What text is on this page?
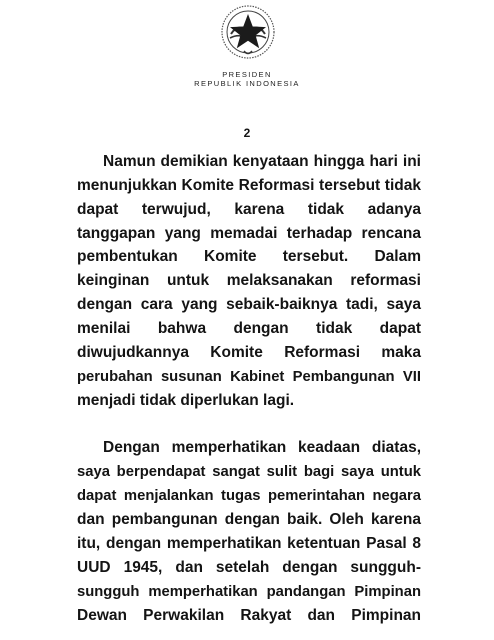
PRESIDEN
REPUBLIK INDONESIA
2
Namun demikian kenyataan hingga hari ini
menunjukkan Komite Reformasi tersebut tidak
dapat terwujud, karena tidak adanya
tanggapan yang memadai terhadap rencana
pembentukan Komite tersebut. Dalam
keinginan untuk melaksanakan reformasi
dengan cara yang sebaik-baiknya tadi, saya
menilai bahwa dengan tidak dapat
diwujudkannya Komite Reformasi maka
perubahan susunan Kabinet Pembangunan VII
menjadi tidak diperlukan lagi.
Dengan memperhatikan keadaan diatas,
saya berpendapat sangat sulit bagi saya untuk
dapat menjalankan tugas pemerintahan negara
dan pembangunan dengan baik. Oleh karena
itu, dengan memperhatikan ketentuan Pasal 8
UUD 1945, dan setelah dengan sungguh-
sungguh memperhatikan pandangan Pimpinan
Dewan Perwakilan Rakyat dan Pimpinan
